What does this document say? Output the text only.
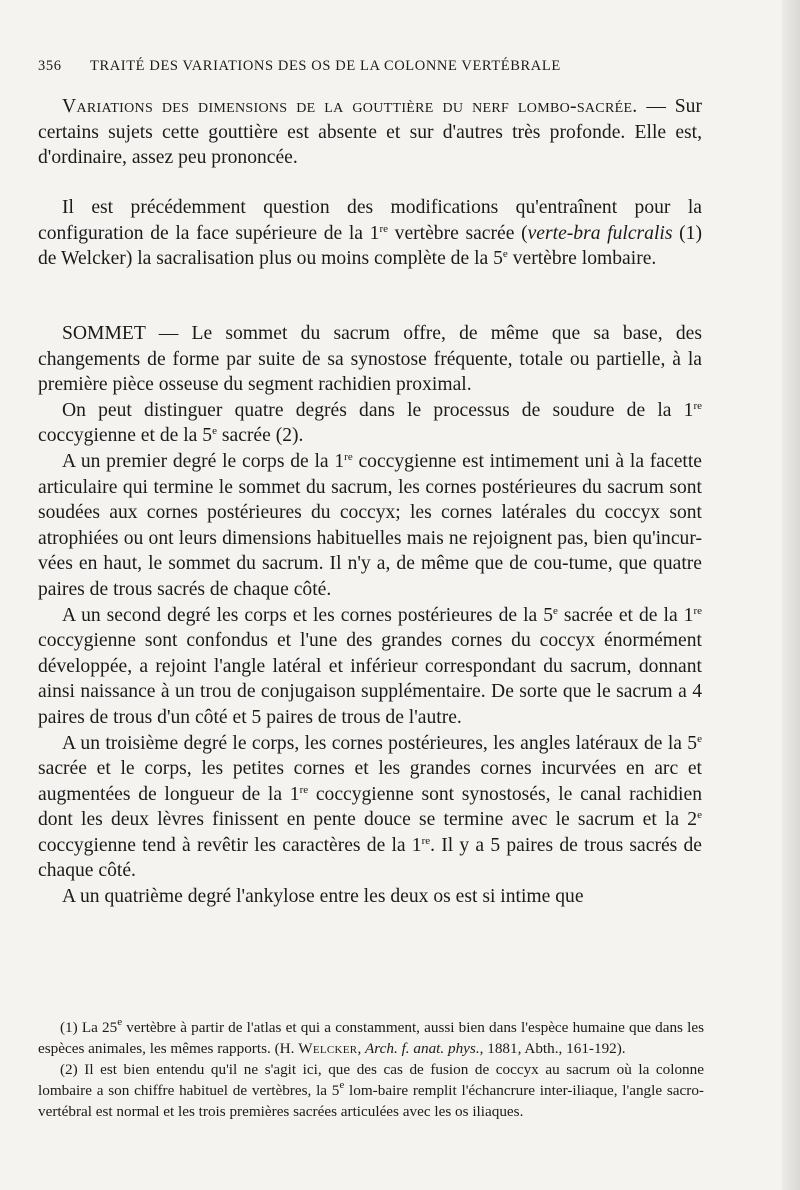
356 TRAITÉ DES VARIATIONS DES OS DE LA COLONNE VERTÉBRALE

Variations des dimensions de la gouttière du nerf lombo-sacrée. — Sur certains sujets cette gouttière est absente et sur d'autres très profonde. Elle est, d'ordinaire, assez peu prononcée.

Il est précédemment question des modifications qu'entraînent pour la configuration de la face supérieure de la 1re vertèbre sacrée (verte-bra fulcralis (1) de Welcker) la sacralisation plus ou moins complète de la 5e vertèbre lombaire.

SOMMET — Le sommet du sacrum offre, de même que sa base, des changements de forme par suite de sa synostose fréquente, totale ou partielle, à la première pièce osseuse du segment rachidien proximal.

On peut distinguer quatre degrés dans le processus de soudure de la 1re coccygienne et de la 5e sacrée (2).

A un premier degré le corps de la 1re coccygienne est intimement uni à la facette articulaire qui termine le sommet du sacrum, les cornes postérieures du sacrum sont soudées aux cornes postérieures du coccyx; les cornes latérales du coccyx sont atrophiées ou ont leurs dimensions habituelles mais ne rejoignent pas, bien qu'incur-vées en haut, le sommet du sacrum. Il n'y a, de même que de cou-tume, que quatre paires de trous sacrés de chaque côté.

A un second degré les corps et les cornes postérieures de la 5e sacrée et de la 1re coccygienne sont confondus et l'une des grandes cornes du coccyx énormément développée, a rejoint l'angle latéral et inférieur correspondant du sacrum, donnant ainsi naissance à un trou de conjugaison supplémentaire. De sorte que le sacrum a 4 paires de trous d'un côté et 5 paires de trous de l'autre.

A un troisième degré le corps, les cornes postérieures, les angles latéraux de la 5e sacrée et le corps, les petites cornes et les grandes cornes incurvées en arc et augmentées de longueur de la 1re coccygienne sont synostosés, le canal rachidien dont les deux lèvres finissent en pente douce se termine avec le sacrum et la 2e coccygienne tend à revêtir les caractères de la 1re. Il y a 5 paires de trous sacrés de chaque côté.

A un quatrième degré l'ankylose entre les deux os est si intime que

(1) La 25e vertèbre à partir de l'atlas et qui a constamment, aussi bien dans l'espèce humaine que dans les espèces animales, les mêmes rapports. (H. Welcker, Arch. f. anat. phys., 1881, Abth., 161-192).

(2) Il est bien entendu qu'il ne s'agit ici, que des cas de fusion de coccyx au sacrum où la colonne lombaire a son chiffre habituel de vertèbres, la 5e lom-baire remplit l'échancrure inter-iliaque, l'angle sacro-vertébral est normal et les trois premières sacrées articulées avec les os iliaques.
